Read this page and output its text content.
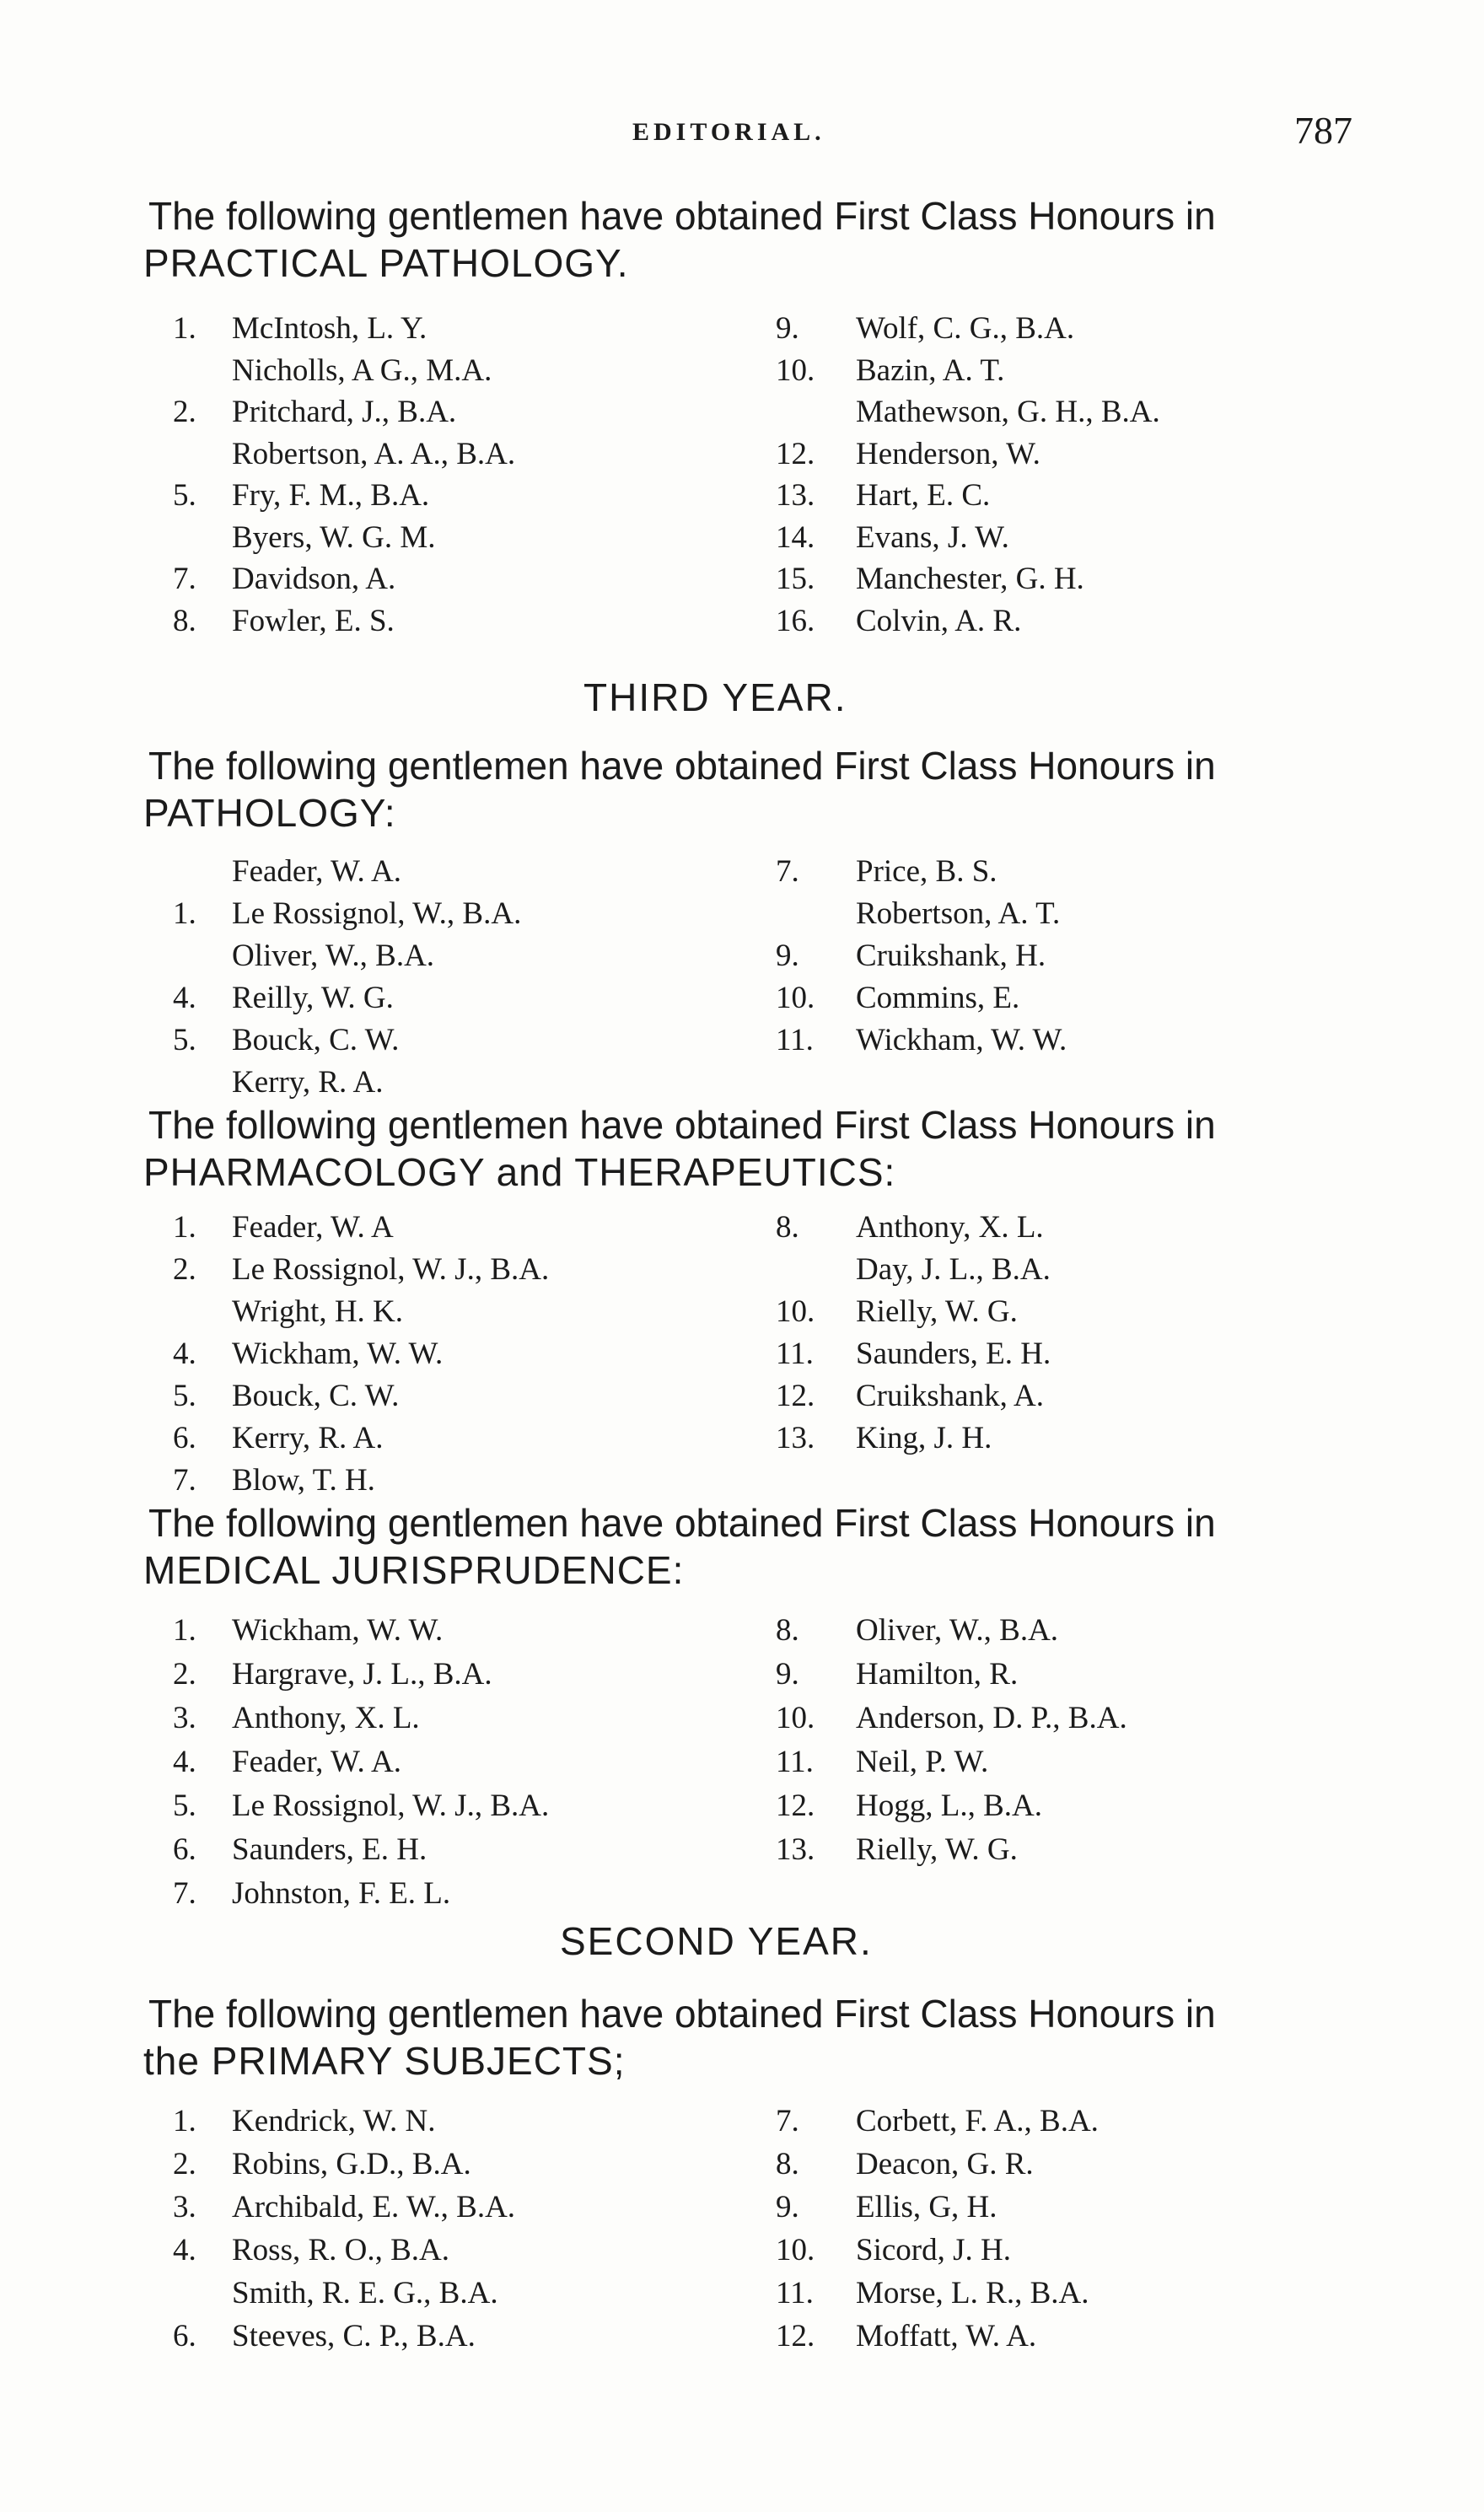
EDITORIAL.	787
The following gentlemen have obtained First Class Honours in
PRACTICAL PATHOLOGY.
THIRD YEAR.
The following gentlemen have obtained First Class Honours in
PATHOLOGY:
The following gentlemen have obtained First Class Honours in
PHARMACOLOGY and THERAPEUTICS:
The following gentlemen have obtained First Class Honours in
MEDICAL JURISPRUDENCE:
SECOND YEAR.
The following gentlemen have obtained First Class Honours in
the PRIMARY SUBJECTS;
1. McIntosh, L. Y.
Nicholls, A G., M.A.
2. Pritchard, J., B.A.
Robertson, A. A., B.A.
5. Fry, F. M., B.A.
Byers, W. G. M.
7. Davidson, A.
8. Fowler, E. S.
9. Wolf, C. G., B.A.
10. Bazin, A. T.
Mathewson, G. H., B.A.
12. Henderson, W.
13. Hart, E. C.
14. Evans, J. W.
15. Manchester, G. H.
16. Colvin, A. R.
Feader, W. A.
1. Le Rossignol, W., B.A.
Oliver, W., B.A.
4. Reilly, W. G.
5. Bouck, C. W.
Kerry, R. A.
7. Price, B. S.
Robertson, A. T.
9. Cruikshank, H.
10. Commins, E.
11. Wickham, W. W.
1. Feader, W. A
2. Le Rossignol, W. J., B.A.
Wright, H. K.
4. Wickham, W. W.
5. Bouck, C. W.
6. Kerry, R. A.
7. Blow, T. H.
8. Anthony, X. L.
Day, J. L., B.A.
10. Rielly, W. G.
11. Saunders, E. H.
12. Cruikshank, A.
13. King, J. H.
1. Wickham, W. W.
2. Hargrave, J. L., B.A.
3. Anthony, X. L.
4. Feader, W. A.
5. Le Rossignol, W. J., B.A.
6. Saunders, E. H.
7. Johnston, F. E. L.
8. Oliver, W., B.A.
9. Hamilton, R.
10. Anderson, D. P., B.A.
11. Neil, P. W.
12. Hogg, L., B.A.
13. Rielly, W. G.
1. Kendrick, W. N.
2. Robins, G.D., B.A.
3. Archibald, E. W., B.A.
4. Ross, R. O., B.A.
Smith, R. E. G., B.A.
6. Steeves, C. P., B.A.
7. Corbett, F. A., B.A.
8. Deacon, G. R.
9. Ellis, G, H.
10. Sicord, J. H.
11. Morse, L. R., B.A.
12. Moffatt, W. A.
